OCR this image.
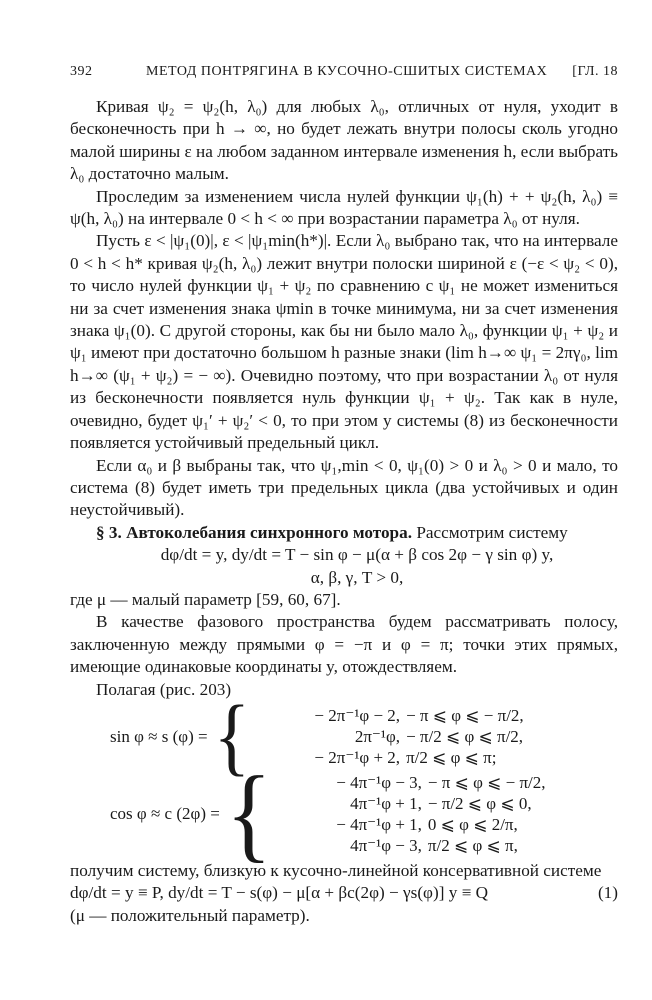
392	МЕТОД ПОНТРЯГИНА В КУСОЧНО-СШИТЫХ СИСТЕМАХ [ГЛ. 18

Кривая ψ₂ = ψ₂(h, λ₀) для любых λ₀, отличных от нуля, уходит в бесконечность при h → ∞, но будет лежать внутри полосы сколь угодно малой ширины ε на любом заданном интервале изменения h, если выбрать λ₀ достаточно малым.

Проследим за изменением числа нулей функции ψ₁(h) + + ψ₂(h, λ₀) ≡ ψ(h, λ₀) на интервале 0 < h < ∞ при возрастании параметра λ₀ от нуля.

Пусть ε < |ψ₁(0)|, ε < |ψ₁min(h*)|. Если λ₀ выбрано так, что на интервале 0 < h < h* кривая ψ₂(h, λ₀) лежит внутри полоски шириной ε (−ε < ψ₂ < 0), то число нулей функции ψ₁ + ψ₂ по сравнению с ψ₁ не может измениться ни за счет изменения знака ψmin в точке минимума, ни за счет изменения знака ψ₁(0). С другой стороны, как бы ни было мало λ₀, функции ψ₁ + ψ₂ и ψ₁ имеют при достаточно большом h разные знаки (lim h→∞ ψ₁ = 2πγ₀, lim h→∞ (ψ₁ + ψ₂) = − ∞). Очевидно поэтому, что при возрастании λ₀ от нуля из бесконечности появляется нуль функции ψ₁ + ψ₂. Так как в нуле, очевидно, будет ψ₁′ + ψ₂′ < 0, то при этом у системы (8) из бесконечности появляется устойчивый предельный цикл.

Если α₀ и β выбраны так, что ψ₁,min < 0, ψ₁(0) > 0 и λ₀ > 0 и мало, то система (8) будет иметь три предельных цикла (два устойчивых и один неустойчивый).

§ 3. Автоколебания синхронного мотора. Рассмотрим систему

dφ/dt = y, dy/dt = T − sin φ − μ(α + β cos 2φ − γ sin φ) y,

α, β, γ, T > 0,

где μ — малый параметр [59, 60, 67].

В качестве фазового пространства будем рассматривать полосу, заключенную между прямыми φ = −π и φ = π; точки этих прямых, имеющие одинаковые координаты y, отождествляем.

Полагая (рис. 203)

sin φ ≈ s (φ) = {	− 2π⁻¹φ − 2, − π ⩽ φ ⩽ − π/2,
2π⁻¹φ, − π/2 ⩽ φ ⩽ π/2,
− 2π⁻¹φ + 2, π/2 ⩽ φ ⩽ π;
cos φ ≈ c (2φ) = {	− 4π⁻¹φ − 3, − π ⩽ φ ⩽ − π/2,
4π⁻¹φ + 1, − π/2 ⩽ φ ⩽ 0,
− 4π⁻¹φ + 1, 0 ⩽ φ ⩽ 2/π,
4π⁻¹φ − 3, π/2 ⩽ φ ⩽ π,

получим систему, близкую к кусочно-линейной консервативной системе

dφ/dt = y ≡ P, dy/dt = T − s(φ) − μ[α + βc(2φ) − γs(φ)] y ≡ Q	(1)

(μ — положительный параметр).
